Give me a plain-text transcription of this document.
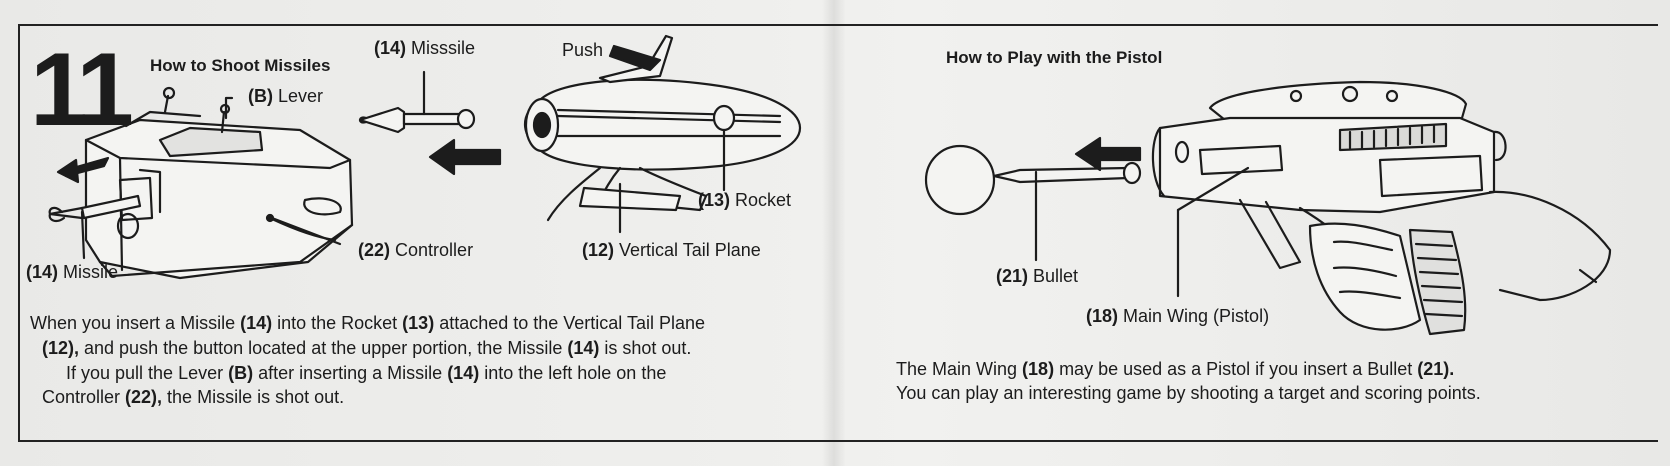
11 How to Shoot Missiles	How to Play with the Pistol
(14) Misssile
(B) Lever
Push
(13) Rocket
(12) Vertical Tail Plane
(22) Controller
(14) Missile	(21) Bullet
(18) Main Wing (Pistol)
When you insert a Missile (14) into the Rocket (13) attached to the Vertical Tail Plane
(12), and push the button located at the upper portion, the Missile (14) is shot out.
If you pull the Lever (B) after inserting a Missile (14) into the left hole on the
Controller (22), the Missile is shot out.
The Main Wing (18) may be used as a Pistol if you insert a Bullet (21).
You can play an interesting game by shooting a target and scoring points.
